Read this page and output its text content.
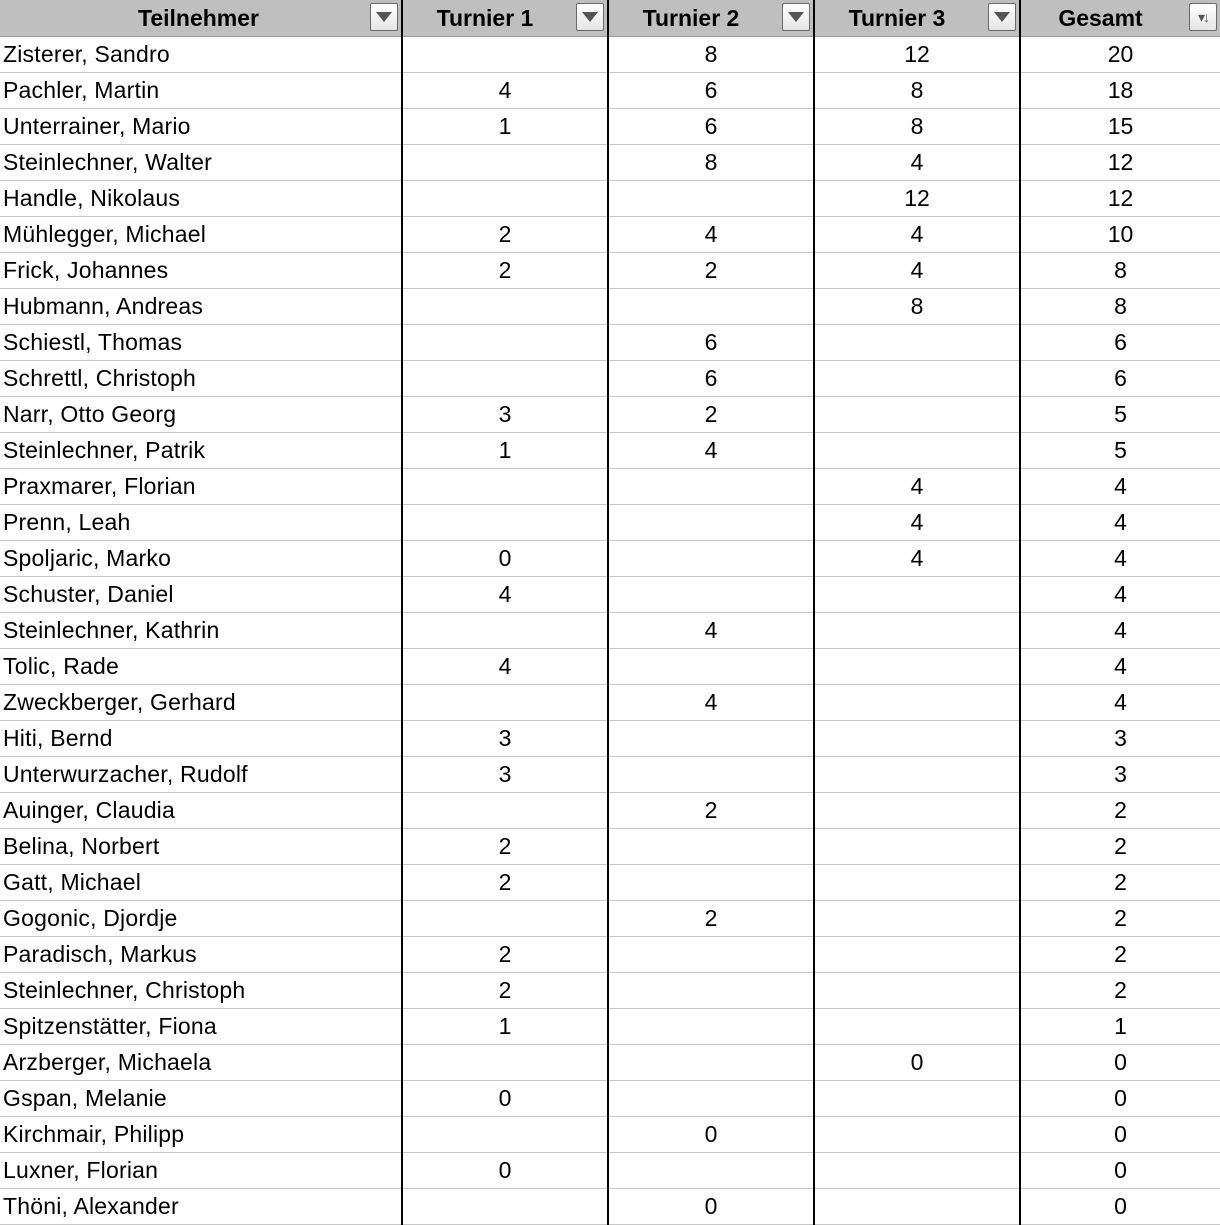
Teilnehmer	Turnier 1	Turnier 2	Turnier 3	Gesamt ▾↓

Zisterer, Sandro		8	12	20
Pachler, Martin	4	6	8	18
Unterrainer, Mario	1	6	8	15
Steinlechner, Walter		8	4	12
Handle, Nikolaus			12	12
Mühlegger, Michael	2	4	4	10
Frick, Johannes	2	2	4	8
Hubmann, Andreas			8	8
Schiestl, Thomas		6		6
Schrettl, Christoph		6		6
Narr, Otto Georg	3	2		5
Steinlechner, Patrik	1	4		5
Praxmarer, Florian			4	4
Prenn, Leah			4	4
Spoljaric, Marko	0		4	4
Schuster, Daniel	4			4
Steinlechner, Kathrin		4		4
Tolic, Rade	4			4
Zweckberger, Gerhard		4		4
Hiti, Bernd	3			3
Unterwurzacher, Rudolf	3			3
Auinger, Claudia		2		2
Belina, Norbert	2			2
Gatt, Michael	2			2
Gogonic, Djordje		2		2
Paradisch, Markus	2			2
Steinlechner, Christoph	2			2
Spitzenstätter, Fiona	1			1
Arzberger, Michaela			0	0
Gspan, Melanie	0			0
Kirchmair, Philipp		0		0
Luxner, Florian	0			0
Thöni, Alexander		0		0
